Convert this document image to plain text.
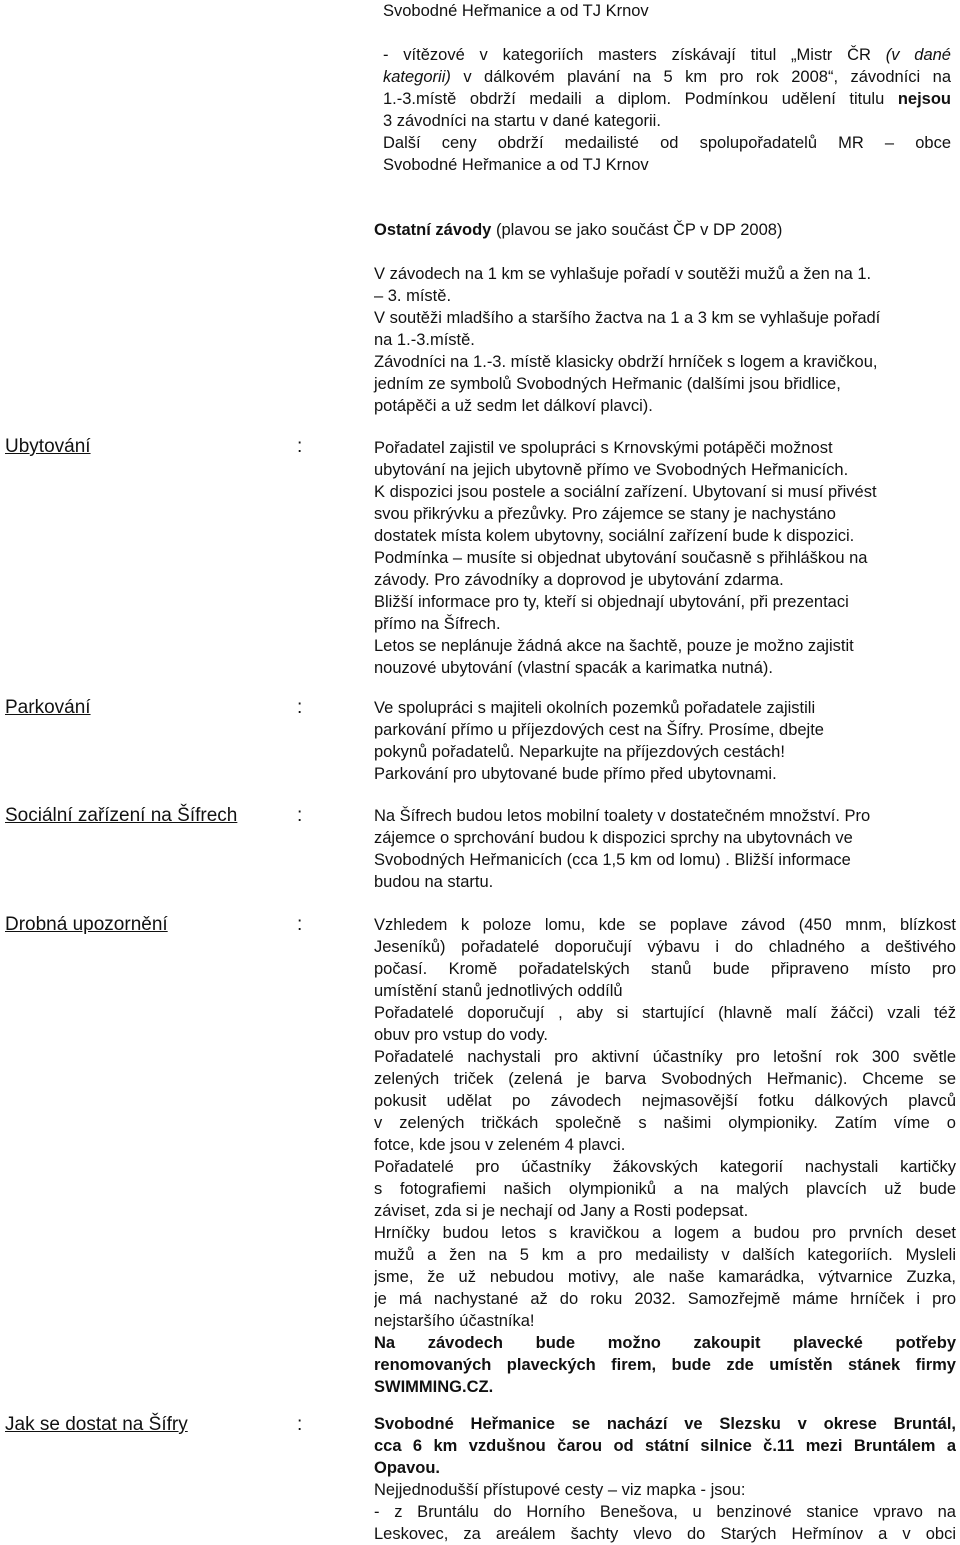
Svobodné Heřmanice a od TJ Krnov
- vítězové v kategoriích masters získávají titul „Mistr ČR (v dané
kategorii) v dálkovém plavání na 5 km pro rok 2008“, závodníci na
1.-3.místě obdrží medaili a diplom. Podmínkou udělení titulu nejsou
3 závodníci na startu v dané kategorii.
Další ceny obdrží medailisté od spolupořadatelů MR – obce
Svobodné Heřmanice a od TJ Krnov
Ostatní závody (plavou se jako součást ČP v DP 2008)
V závodech na 1 km se vyhlašuje pořadí v soutěži mužů a žen na 1.
– 3. místě.
V soutěži mladšího a staršího žactva na 1 a 3 km se vyhlašuje pořadí
na 1.-3.místě.
Závodníci na 1.-3. místě klasicky obdrží hrníček s logem a kravičkou,
jedním ze symbolů Svobodných Heřmanic (dalšími jsou břidlice,
potápěči a už sedm let dálkoví plavci).
Ubytování	:	Pořadatel zajistil ve spolupráci s Krnovskými potápěči možnost
ubytování na jejich ubytovně přímo ve Svobodných Heřmanicích.
K dispozici jsou postele a sociální zařízení. Ubytovaní si musí přivést
svou přikrývku a přezůvky. Pro zájemce se stany je nachystáno
dostatek místa kolem ubytovny, sociální zařízení bude k dispozici.
Podmínka – musíte si objednat ubytování současně s přihláškou na
závody. Pro závodníky a doprovod je ubytování zdarma.
Bližší informace pro ty, kteří si objednají ubytování, při prezentaci
přímo na Šífrech.
Letos se neplánuje žádná akce na šachtě, pouze je možno zajistit
nouzové ubytování (vlastní spacák a karimatka nutná).
Parkování	:	Ve spolupráci s majiteli okolních pozemků pořadatele zajistili
parkování přímo u příjezdových cest na Šífry. Prosíme, dbejte
pokynů pořadatelů. Neparkujte na příjezdových cestách!
Parkování pro ubytované bude přímo před ubytovnami.
Sociální zařízení na Šífrech	:	Na Šífrech budou letos mobilní toalety v dostatečném množství. Pro
zájemce o sprchování budou k dispozici sprchy na ubytovnách ve
Svobodných Heřmanicích (cca 1,5 km od lomu) . Bližší informace
budou na startu.
Drobná upozornění	:	Vzhledem k poloze lomu, kde se poplave závod (450 mnm, blízkost
Jeseníků) pořadatelé doporučují výbavu i do chladného a deštivého
počasí. Kromě pořadatelských stanů bude připraveno místo pro
umístění stanů jednotlivých oddílů
Pořadatelé doporučují , aby si startující (hlavně malí žáčci) vzali též
obuv pro vstup do vody.
Pořadatelé nachystali pro aktivní účastníky pro letošní rok 300 světle
zelených triček (zelená je barva Svobodných Heřmanic). Chceme se
pokusit udělat po závodech nejmasovější fotku dálkových plavců
v zelených tričkách společně s našimi olympioniky. Zatím víme o
fotce, kde jsou v zeleném 4 plavci.
Pořadatelé pro účastníky žákovských kategorií nachystali kartičky
s fotografiemi našich olympioniků a na malých plavcích už bude
záviset, zda si je nechají od Jany a Rosti podepsat.
Hrníčky budou letos s kravičkou a logem a budou pro prvních deset
mužů a žen na 5 km a pro medailisty v dalších kategoriích. Mysleli
jsme, že už nebudou motivy, ale naše kamarádka, výtvarnice Zuzka,
je má nachystané až do roku 2032. Samozřejmě máme hrníček i pro
nejstaršího účastníka!
Na závodech bude možno zakoupit plavecké potřeby
renomovaných plaveckých firem, bude zde umístěn stánek firmy
SWIMMING.CZ.
Jak se dostat na Šífry	:	Svobodné Heřmanice se nachází ve Slezsku v okrese Bruntál,
cca 6 km vzdušnou čarou od státní silnice č.11 mezi Bruntálem a
Opavou.
Nejjednodušší přístupové cesty – viz mapka - jsou:
- z Bruntálu do Horního Benešova, u benzinové stanice vpravo na
Leskovec, za areálem šachty vlevo do Starých Heřmínov a v obci
